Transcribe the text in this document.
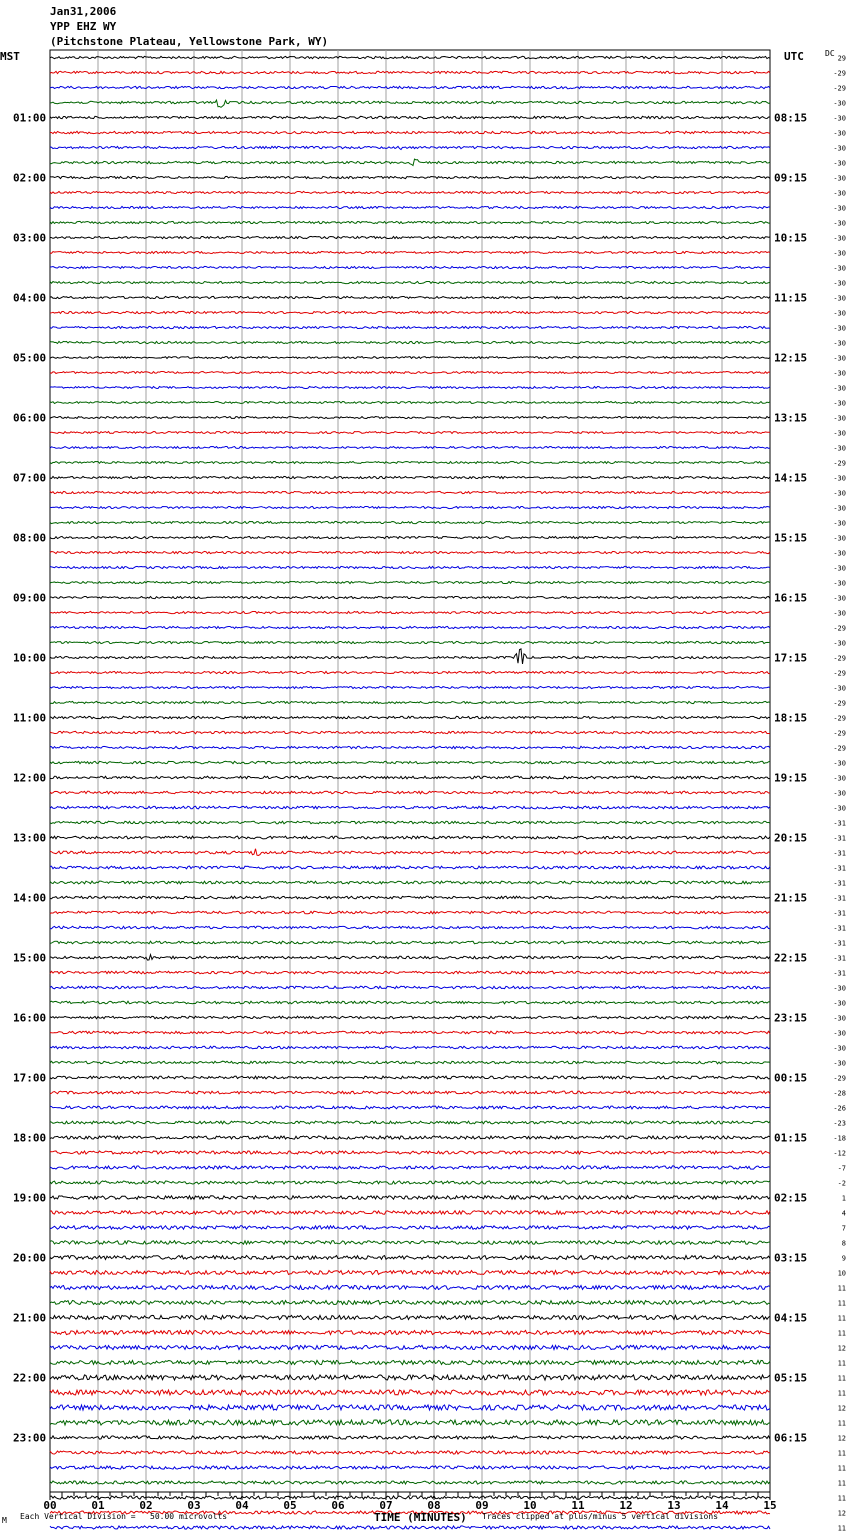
Jan31,2006
YPP EHZ WY
(Pitchstone Plateau, Yellowstone Park, WY)
MST	UTC	DC
00	01	02	03	04	05	06	07	08	09	10	11	12	13	14	15
29
-29
-29
-30
-30
-30
-30
-30
-30
-30
-30
-30
-30
-30
-30
-30
-30
-30
-30
-30
-30
-30
-30
-30
-30
-30
-30
-29
-30
-30
-30
-30
-30
-30
-30
-30
-30
-30
-29
-30
-29
-29
-30
-29
-29
-29
-29
-30
-30
-30
-30
-31
-31
-31
-31
-31
-31
-31
-31
-31
-31
-31
-30
-30
-30
-30
-30
-30
-29
-28
-26
-23
-18
-12
-7
-2
1
4
7
8
9
10
11
11
11
11
12
11
11
11
12
11
12
11
11
11
11
12
11
01:00
02:00
03:00
04:00
05:00
06:00
07:00
08:00
09:00
10:00
11:00
12:00
13:00
14:00
15:00
16:00
17:00
18:00
19:00
20:00
21:00
22:00
23:00
08:15
09:15
10:15
11:15
12:15
13:15
14:15
15:15
16:15
17:15
18:15
19:15
20:15
21:15
22:15
23:15
00:15
01:15
02:15
03:15
04:15
05:15
06:15
M Each Vertical Division =   50.00 microvolts	TIME (MINUTES) Traces clipped at plus/minus 5 vertical divisions
